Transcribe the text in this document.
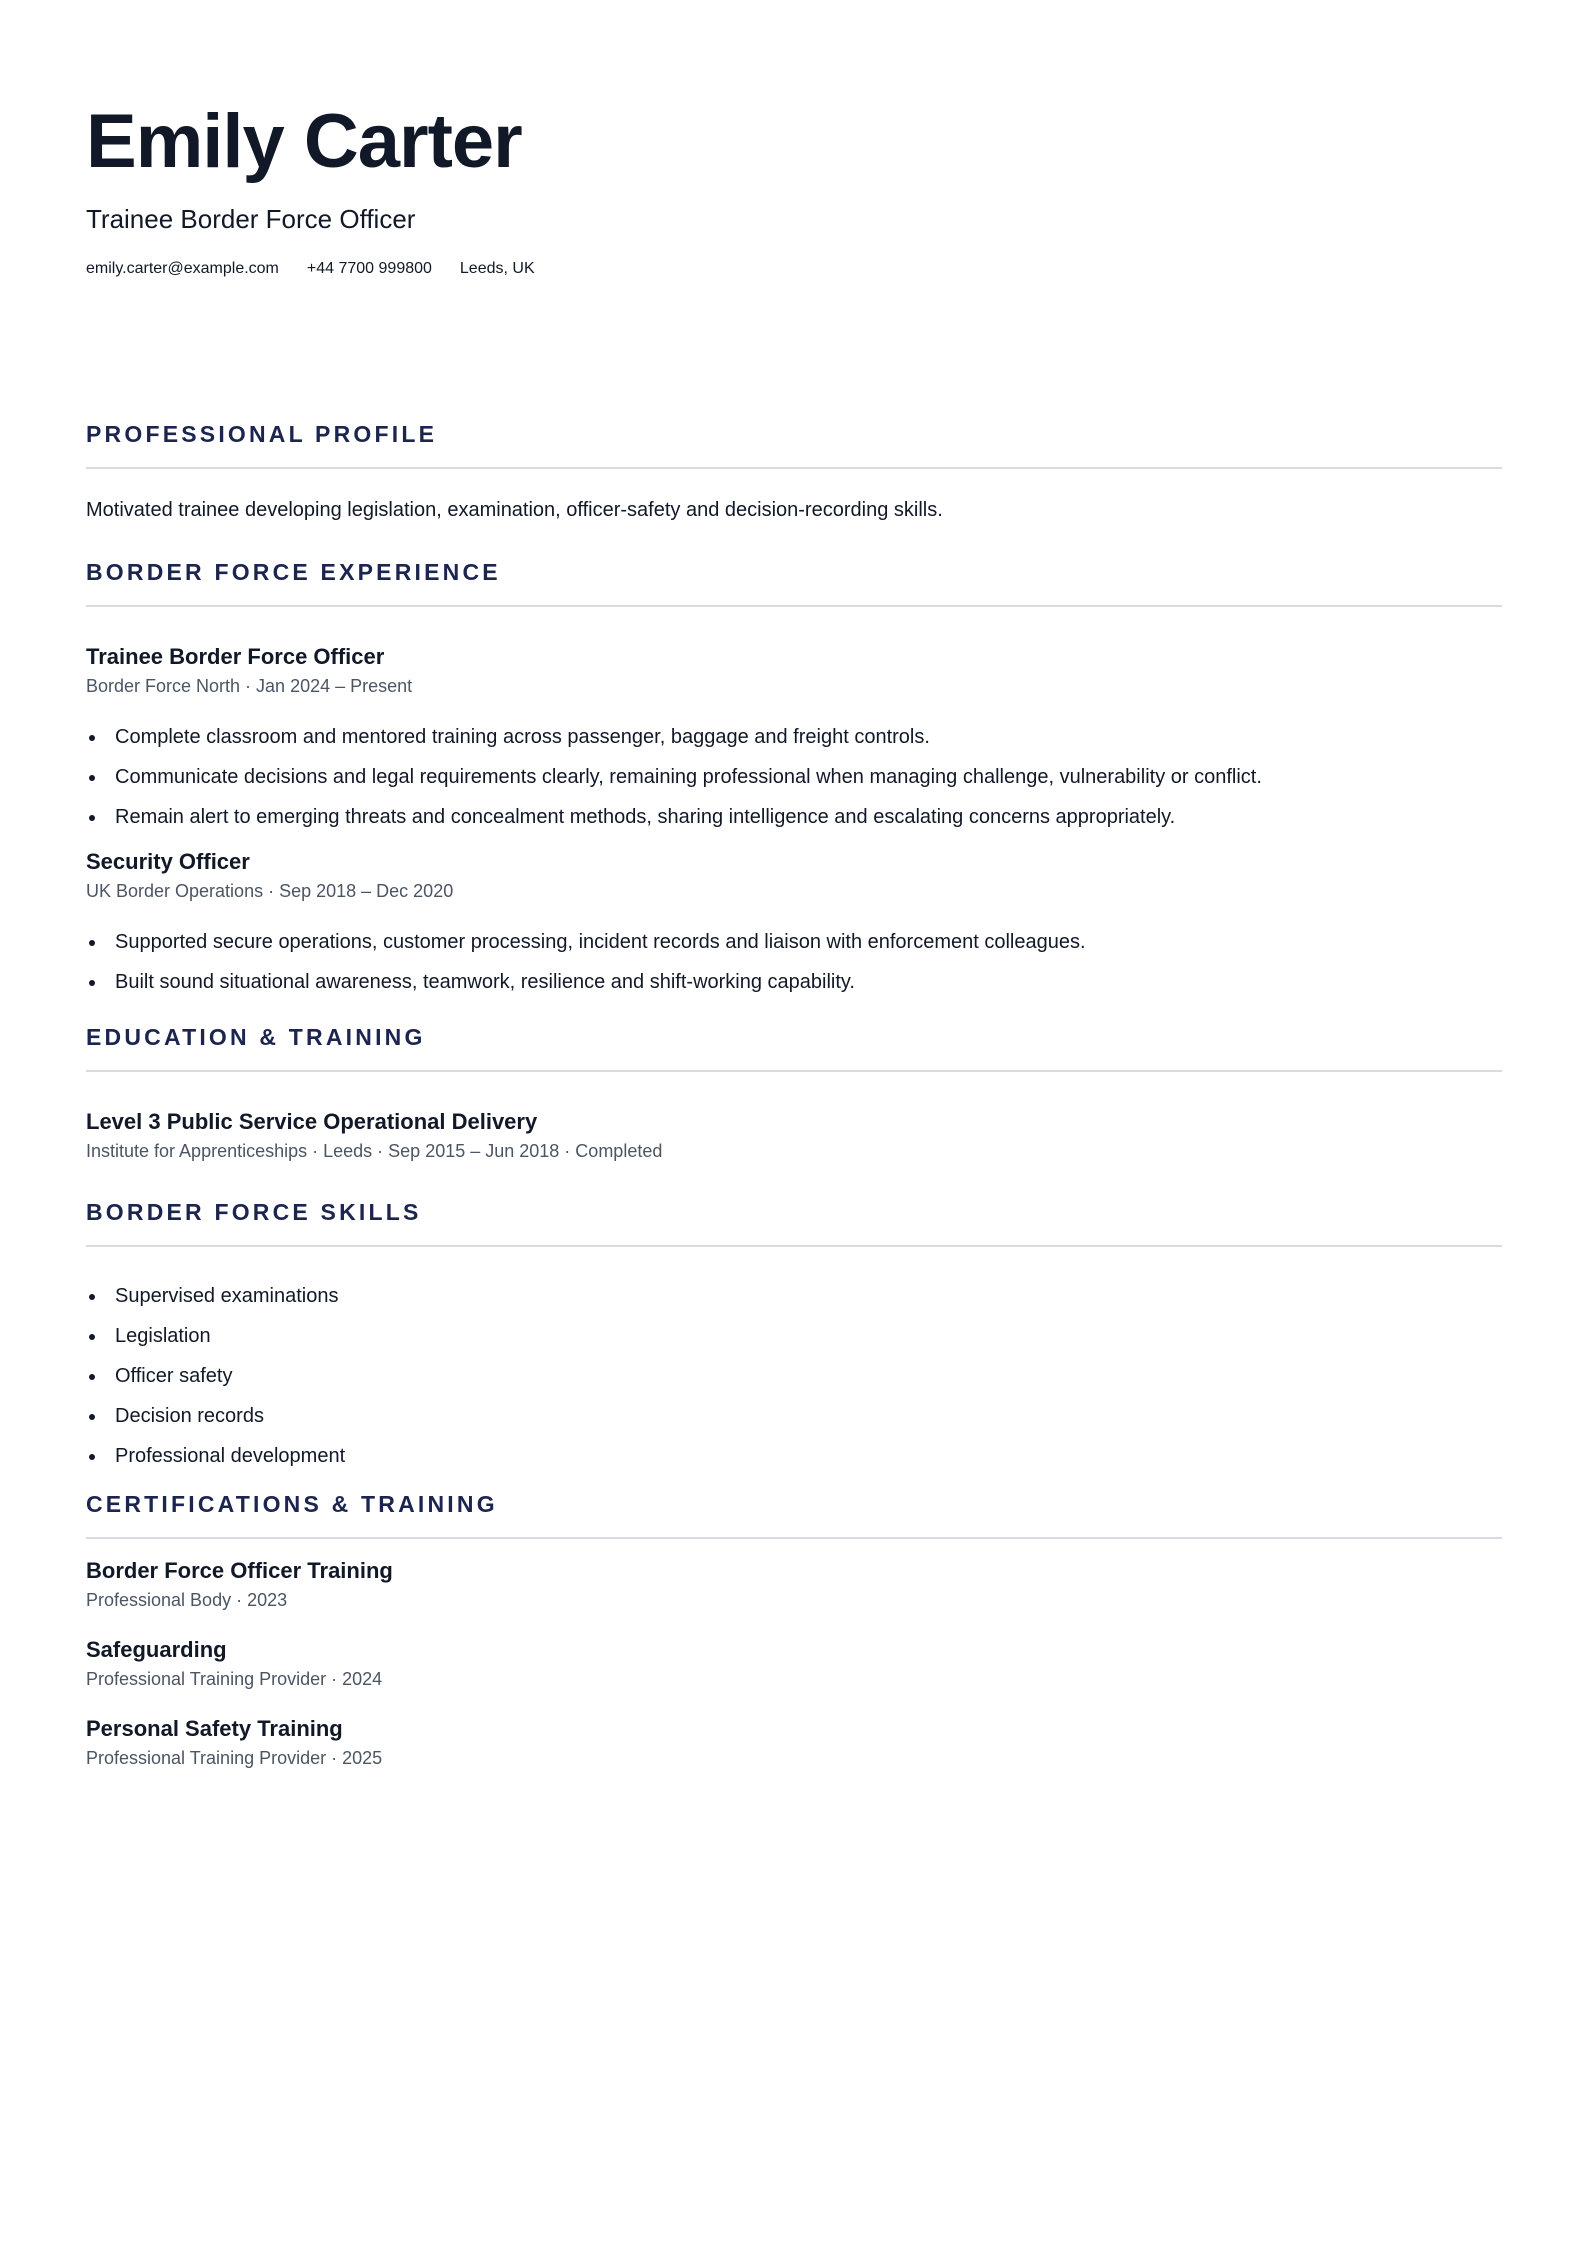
Emily Carter
Trainee Border Force Officer
emily.carter@example.com +44 7700 999800 Leeds, UK
PROFESSIONAL PROFILE
Motivated trainee developing legislation, examination, officer-safety and decision-recording skills.
BORDER FORCE EXPERIENCE
Trainee Border Force Officer
Border Force North · Jan 2024 – Present
Complete classroom and mentored training across passenger, baggage and freight controls.
Communicate decisions and legal requirements clearly, remaining professional when managing challenge, vulnerability or conflict.
Remain alert to emerging threats and concealment methods, sharing intelligence and escalating concerns appropriately.
Security Officer
UK Border Operations · Sep 2018 – Dec 2020
Supported secure operations, customer processing, incident records and liaison with enforcement colleagues.
Built sound situational awareness, teamwork, resilience and shift-working capability.
EDUCATION & TRAINING
Level 3 Public Service Operational Delivery
Institute for Apprenticeships · Leeds · Sep 2015 – Jun 2018 · Completed
BORDER FORCE SKILLS
Supervised examinations
Legislation
Officer safety
Decision records
Professional development
CERTIFICATIONS & TRAINING
Border Force Officer Training
Professional Body · 2023
Safeguarding
Professional Training Provider · 2024
Personal Safety Training
Professional Training Provider · 2025
